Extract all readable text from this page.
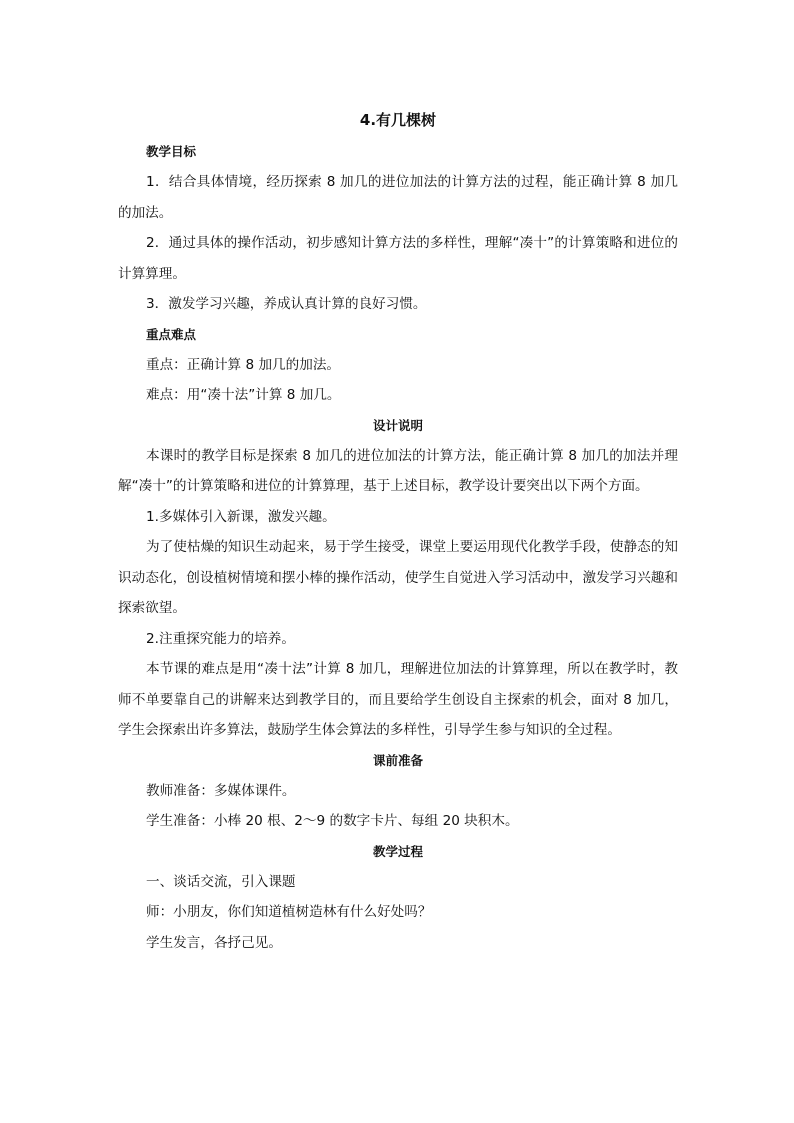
4.有几棵树
教学目标

1．结合具体情境，经历探索 8 加几的进位加法的计算方法的过程，能正确计算 8 加几的加法。

2．通过具体的操作活动，初步感知计算方法的多样性，理解“凑十”的计算策略和进位的计算算理。

3．激发学习兴趣，养成认真计算的良好习惯。

重点难点

重点：正确计算 8 加几的加法。

难点：用“凑十法”计算 8 加几。

设计说明

本课时的教学目标是探索 8 加几的进位加法的计算方法，能正确计算 8 加几的加法并理解“凑十”的计算策略和进位的计算算理，基于上述目标，教学设计要突出以下两个方面。

1.多媒体引入新课，激发兴趣。

为了使枯燥的知识生动起来，易于学生接受，课堂上要运用现代化教学手段，使静态的知识动态化，创设植树情境和摆小棒的操作活动，使学生自觉进入学习活动中，激发学习兴趣和探索欲望。

2.注重探究能力的培养。

本节课的难点是用“凑十法”计算 8 加几，理解进位加法的计算算理，所以在教学时，教师不单要靠自己的讲解来达到教学目的，而且要给学生创设自主探索的机会，面对 8 加几，学生会探索出许多算法，鼓励学生体会算法的多样性，引导学生参与知识的全过程。

课前准备

教师准备：多媒体课件。

学生准备：小棒 20 根、2～9 的数字卡片、每组 20 块积木。

教学过程

一、谈话交流，引入课题

师：小朋友，你们知道植树造林有什么好处吗？

学生发言，各抒己见。
